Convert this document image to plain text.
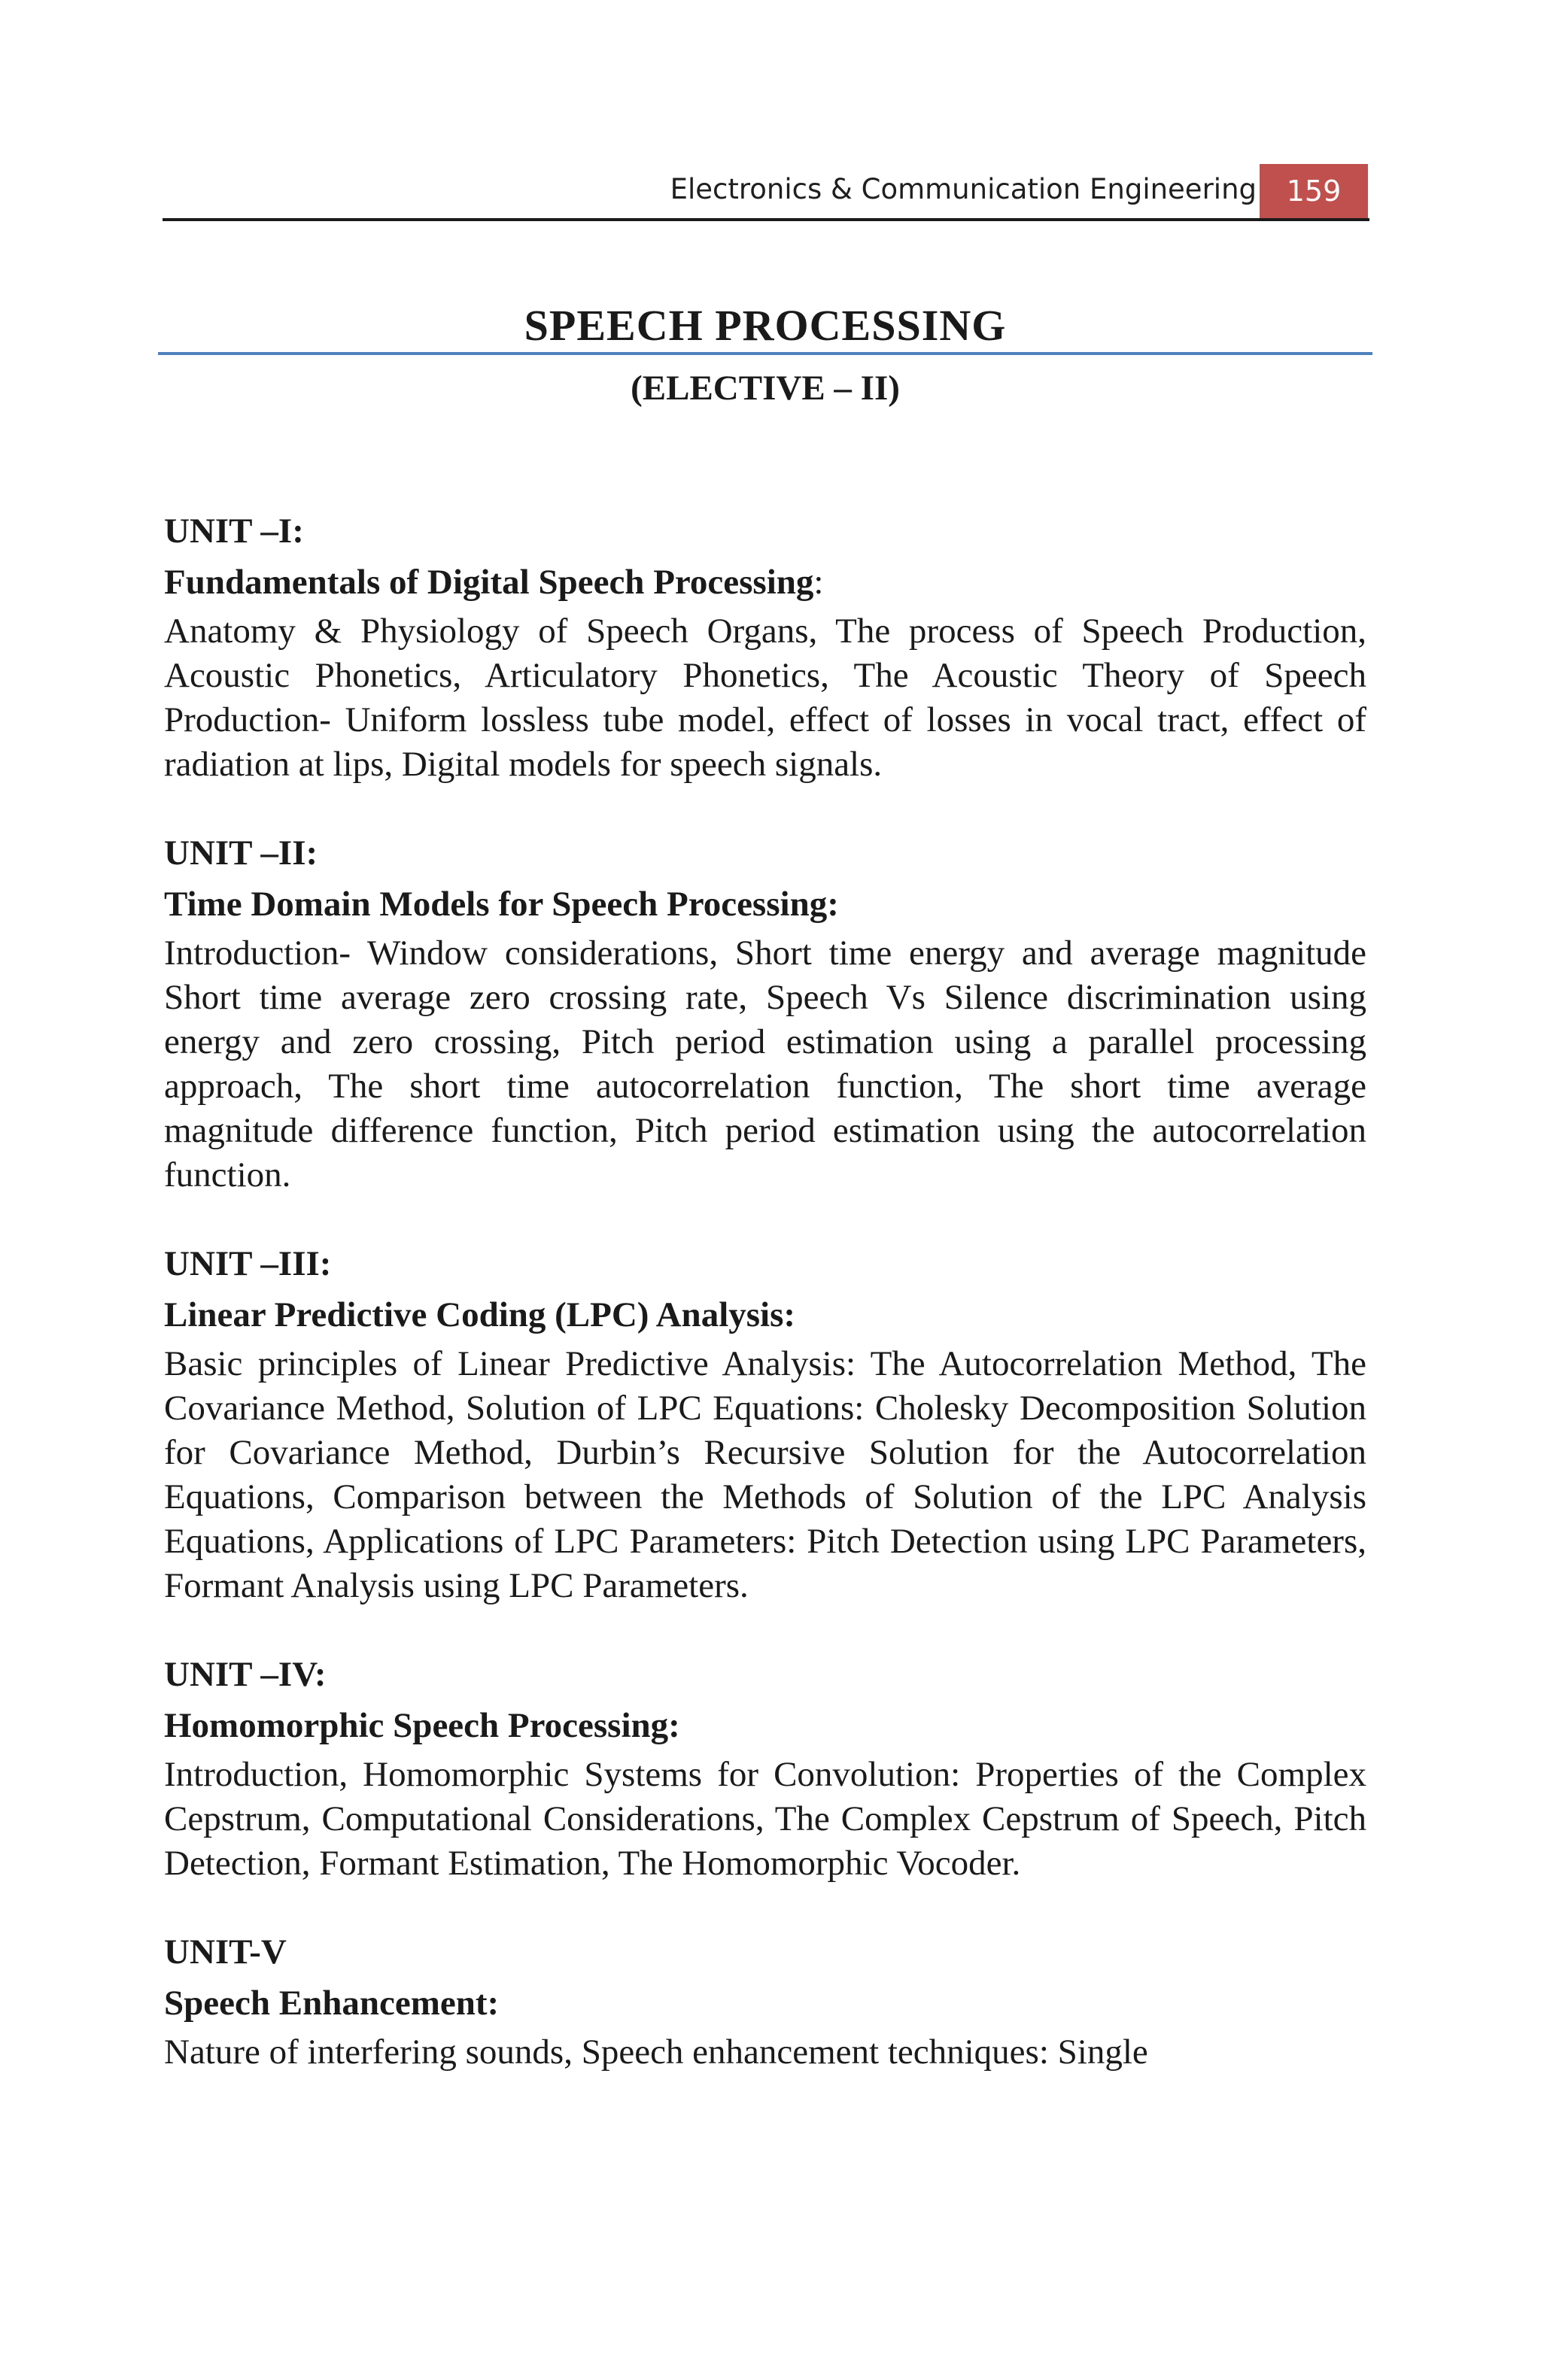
Electronics & Communication Engineering	159
SPEECH PROCESSING
(ELECTIVE – II)
UNIT –I:
Fundamentals of Digital Speech Processing:
Anatomy & Physiology of Speech Organs, The process of Speech Production, Acoustic Phonetics, Articulatory Phonetics, The Acoustic Theory of Speech Production- Uniform lossless tube model, effect of losses in vocal tract, effect of radiation at lips, Digital models for speech signals.
UNIT –II:
Time Domain Models for Speech Processing:
Introduction- Window considerations, Short time energy and average magnitude Short time average zero crossing rate, Speech Vs Silence discrimination using energy and zero crossing, Pitch period estimation using a parallel processing approach, The short time autocorrelation function, The short time average magnitude difference function, Pitch period estimation using the autocorrelation function.
UNIT –III:
Linear Predictive Coding (LPC) Analysis:
Basic principles of Linear Predictive Analysis: The Autocorrelation Method, The Covariance Method, Solution of LPC Equations: Cholesky Decomposition Solution for Covariance Method, Durbin’s Recursive Solution for the Autocorrelation Equations, Comparison between the Methods of Solution of the LPC Analysis Equations, Applications of LPC Parameters: Pitch Detection using LPC Parameters, Formant Analysis using LPC Parameters.
UNIT –IV:
Homomorphic Speech Processing:
Introduction, Homomorphic Systems for Convolution: Properties of the Complex Cepstrum, Computational Considerations, The Complex Cepstrum of Speech, Pitch Detection, Formant Estimation, The Homomorphic Vocoder.
UNIT-V
Speech Enhancement:
Nature of interfering sounds, Speech enhancement techniques: Single
